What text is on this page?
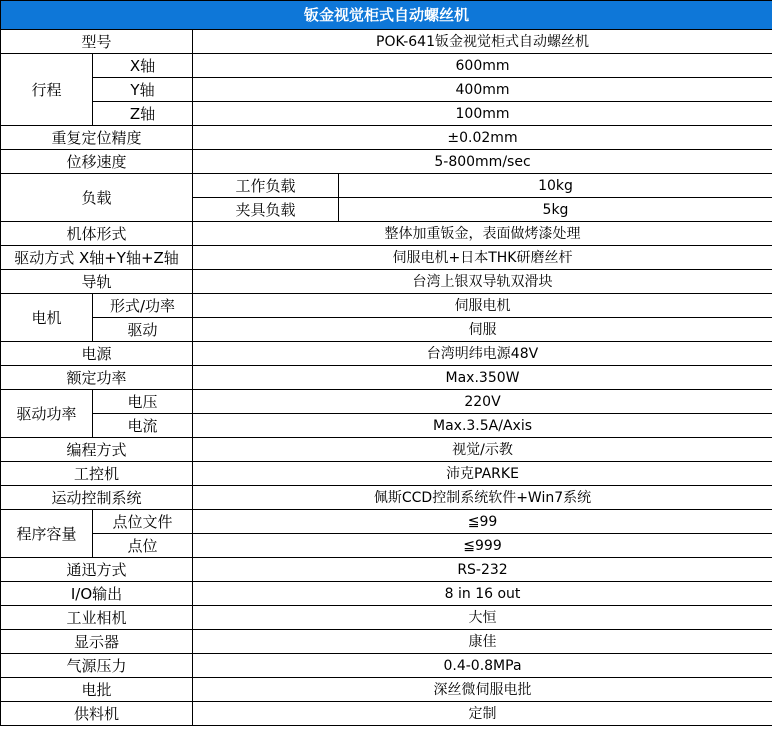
钣金视觉柜式自动螺丝机			
型号		POK-641钣金视觉柜式自动螺丝机	
行程	X轴	600mm	
	Y轴	400mm	
	Z轴	100mm	
重复定位精度		±0.02mm	
位移速度		5-800mm/sec	
负载		工作负载	10kg
		夹具负载	5kg
机体形式		整体加重钣金，表面做烤漆处理	
驱动方式 X轴+Y轴+Z轴		伺服电机+日本THK研磨丝杆	
导轨		台湾上银双导轨双滑块	
电机	形式/功率	伺服电机	
	驱动	伺服	
电源		台湾明纬电源48V	
额定功率		Max.350W	
驱动功率	电压	220V	
	电流	Max.3.5A/Axis	
编程方式		视觉/示教	
工控机		沛克PARKE	
运动控制系统		佩斯CCD控制系统软件+Win7系统	
程序容量	点位文件	≦99	
	点位	≦999	
通迅方式		RS-232	
I/O输出		8 in 16 out	
工业相机		大恒	
显示器		康佳	
气源压力		0.4-0.8MPa	
电批		深丝微伺服电批	
供料机		定制	
